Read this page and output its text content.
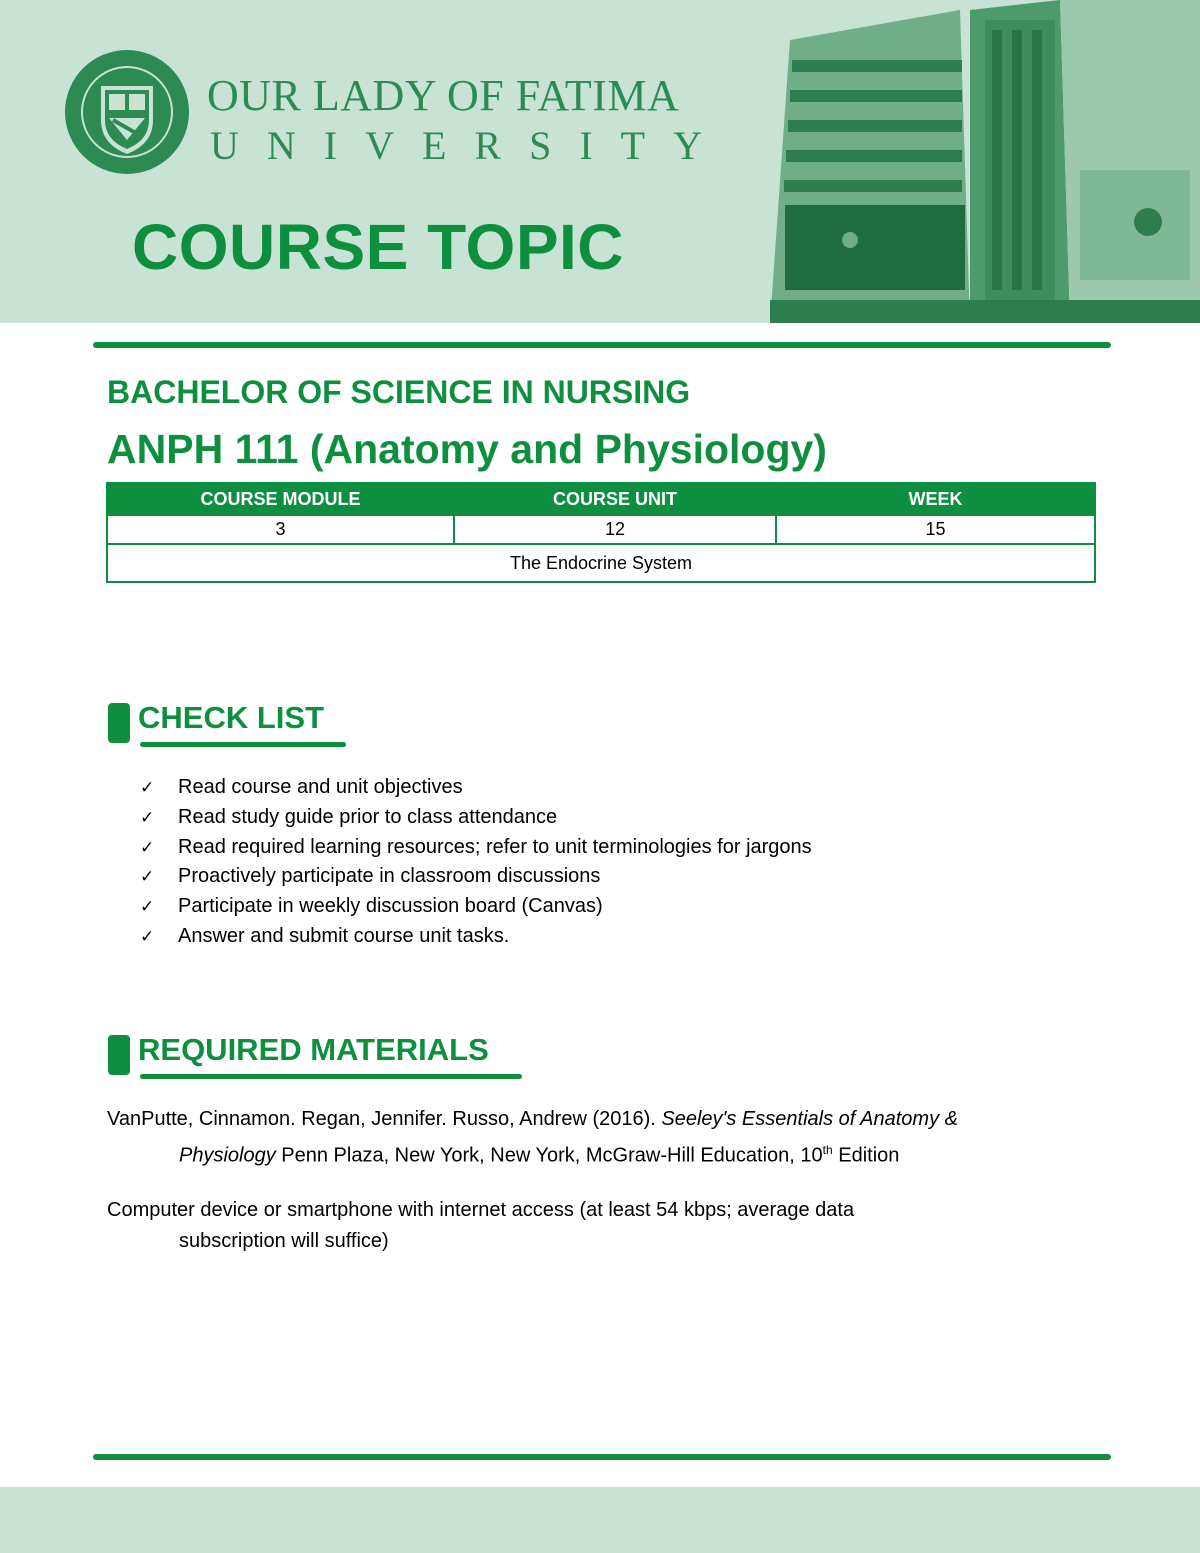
OUR LADY OF FATIMA
UNIVERSITY
COURSE TOPIC
BACHELOR OF SCIENCE IN NURSING
ANPH 111 (Anatomy and Physiology)
COURSE MODULE	COURSE UNIT	WEEK
3	12	15
The Endocrine System		
CHECK LIST
✓ Read course and unit objectives
✓ Read study guide prior to class attendance
✓ Read required learning resources; refer to unit terminologies for jargons
✓ Proactively participate in classroom discussions
✓ Participate in weekly discussion board (Canvas)
✓ Answer and submit course unit tasks.
REQUIRED MATERIALS
VanPutte, Cinnamon. Regan, Jennifer. Russo, Andrew (2016). Seeley's Essentials of Anatomy &
Physiology Penn Plaza, New York, New York, McGraw-Hill Education, 10th Edition
Computer device or smartphone with internet access (at least 54 kbps; average data
subscription will suffice)
